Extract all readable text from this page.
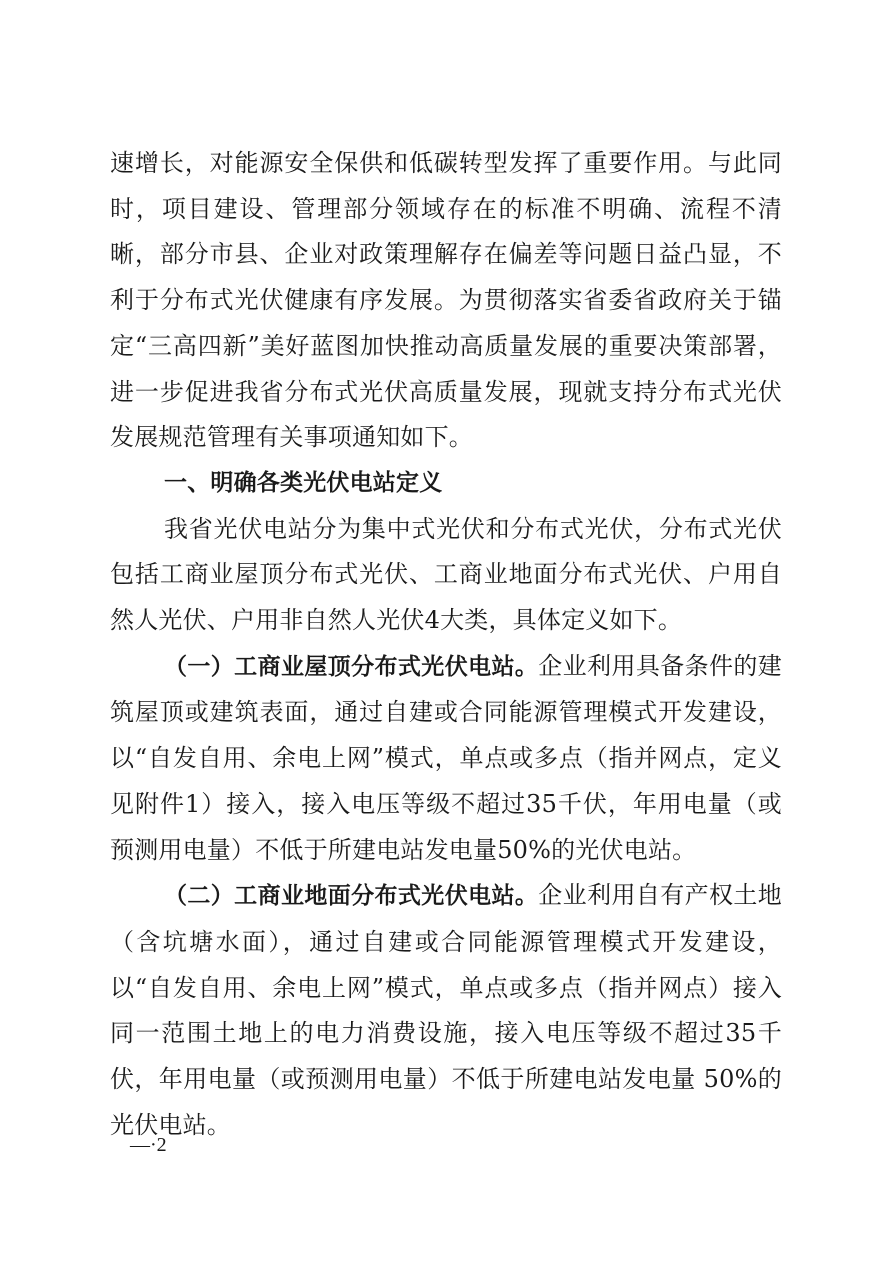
速增长，对能源安全保供和低碳转型发挥了重要作用。与此同时，项目建设、管理部分领域存在的标准不明确、流程不清晰，部分市县、企业对政策理解存在偏差等问题日益凸显，不利于分布式光伏健康有序发展。为贯彻落实省委省政府关于锚定“三高四新”美好蓝图加快推动高质量发展的重要决策部署，进一步促进我省分布式光伏高质量发展，现就支持分布式光伏发展规范管理有关事项通知如下。

一、明确各类光伏电站定义

我省光伏电站分为集中式光伏和分布式光伏，分布式光伏包括工商业屋顶分布式光伏、工商业地面分布式光伏、户用自然人光伏、户用非自然人光伏4大类，具体定义如下。

（一）工商业屋顶分布式光伏电站。企业利用具备条件的建筑屋顶或建筑表面，通过自建或合同能源管理模式开发建设，以“自发自用、余电上网”模式，单点或多点（指并网点，定义见附件1）接入，接入电压等级不超过35千伏，年用电量（或预测用电量）不低于所建电站发电量50%的光伏电站。

（二）工商业地面分布式光伏电站。企业利用自有产权土地（含坑塘水面），通过自建或合同能源管理模式开发建设，以“自发自用、余电上网”模式，单点或多点（指并网点）接入同一范围土地上的电力消费设施，接入电压等级不超过35千伏，年用电量（或预测用电量）不低于所建电站发电量 50%的光伏电站。

—·2
